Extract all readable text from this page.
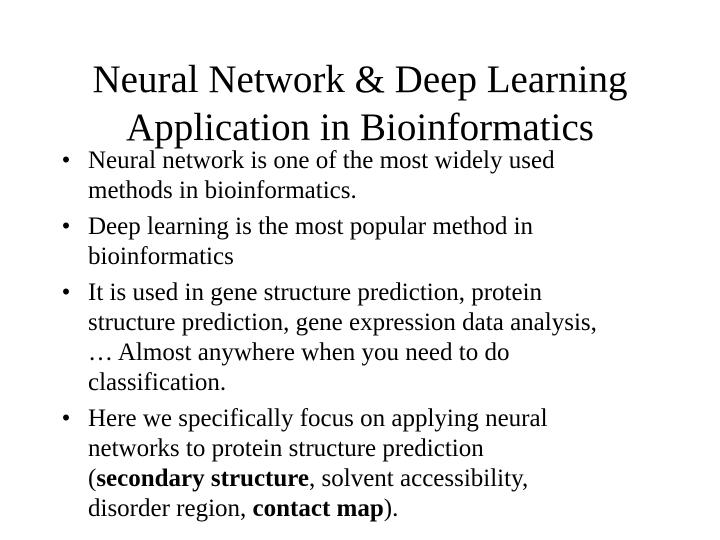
Neural Network & Deep Learning
Application in Bioinformatics
• Neural network is one of the most widely used
methods in bioinformatics.
• Deep learning is the most popular method in
bioinformatics
• It is used in gene structure prediction, protein
structure prediction, gene expression data analysis,
… Almost anywhere when you need to do
classification.
• Here we specifically focus on applying neural
networks to protein structure prediction
(secondary structure, solvent accessibility,
disorder region, contact map).
